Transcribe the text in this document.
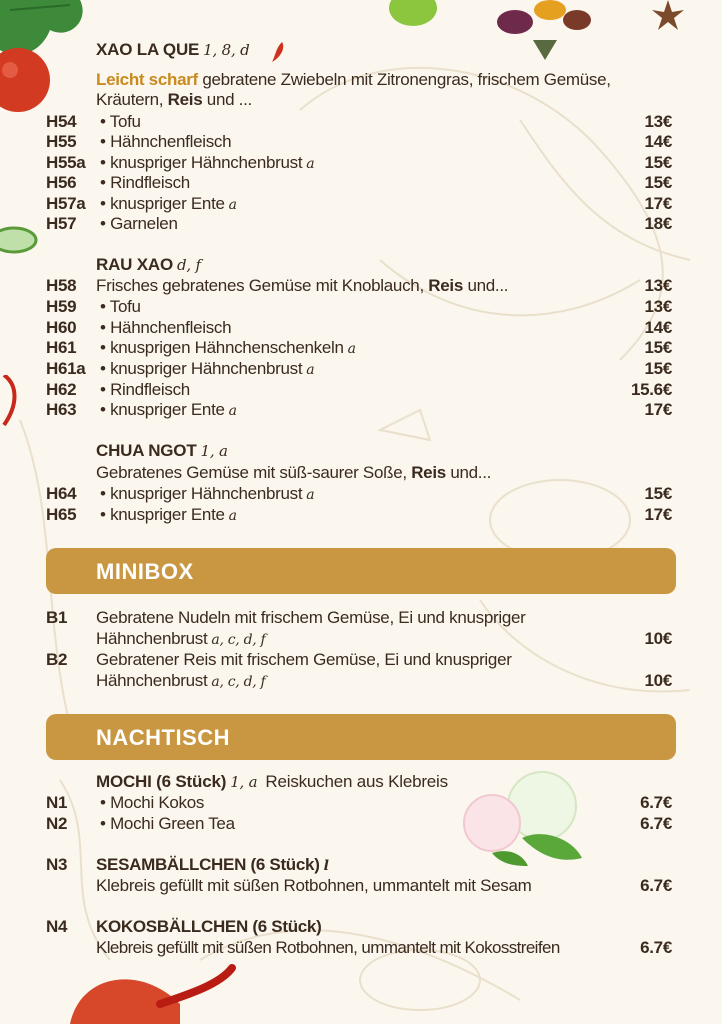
XAO LA QUE 1, 8, d
Leicht scharf gebratene Zwiebeln mit Zitronengras, frischem Gemüse,
Kräutern, Reis und ...
H54 • Tofu	13€
H55 • Hähnchenfleisch	14€
H55a • knuspriger Hähnchenbrust a	15€
H56 • Rindfleisch	15€
H57a • knuspriger Ente a	17€
H57 • Garnelen	18€
RAU XAO d, f
H58 Frisches gebratenes Gemüse mit Knoblauch, Reis und...	13€
H59 • Tofu	13€
H60 • Hähnchenfleisch	14€
H61 • knusprigen Hähnchenschenkeln a	15€
H61a • knuspriger Hähnchenbrust a	15€
H62 • Rindfleisch	15.6€
H63 • knuspriger Ente a	17€
CHUA NGOT 1, a
Gebratenes Gemüse mit süß-saurer Soße, Reis und...
H64 • knuspriger Hähnchenbrust a	15€
H65 • knuspriger Ente a	17€
MINIBOX
B1 Gebratene Nudeln mit frischem Gemüse, Ei und knuspriger
Hähnchenbrust a, c, d, f	10€
B2 Gebratener Reis mit frischem Gemüse, Ei und knuspriger
Hähnchenbrust a, c, d, f	10€
NACHTISCH
MOCHI (6 Stück) 1, a Reiskuchen aus Klebreis
N1 • Mochi Kokos	6.7€
N2 • Mochi Green Tea	6.7€
N3 SESAMBÄLLCHEN (6 Stück) l
Klebreis gefüllt mit süßen Rotbohnen, ummantelt mit Sesam	6.7€
N4 KOKOSBÄLLCHEN (6 Stück)
Klebreis gefüllt mit süßen Rotbohnen, ummantelt mit Kokosstreifen	6.7€
